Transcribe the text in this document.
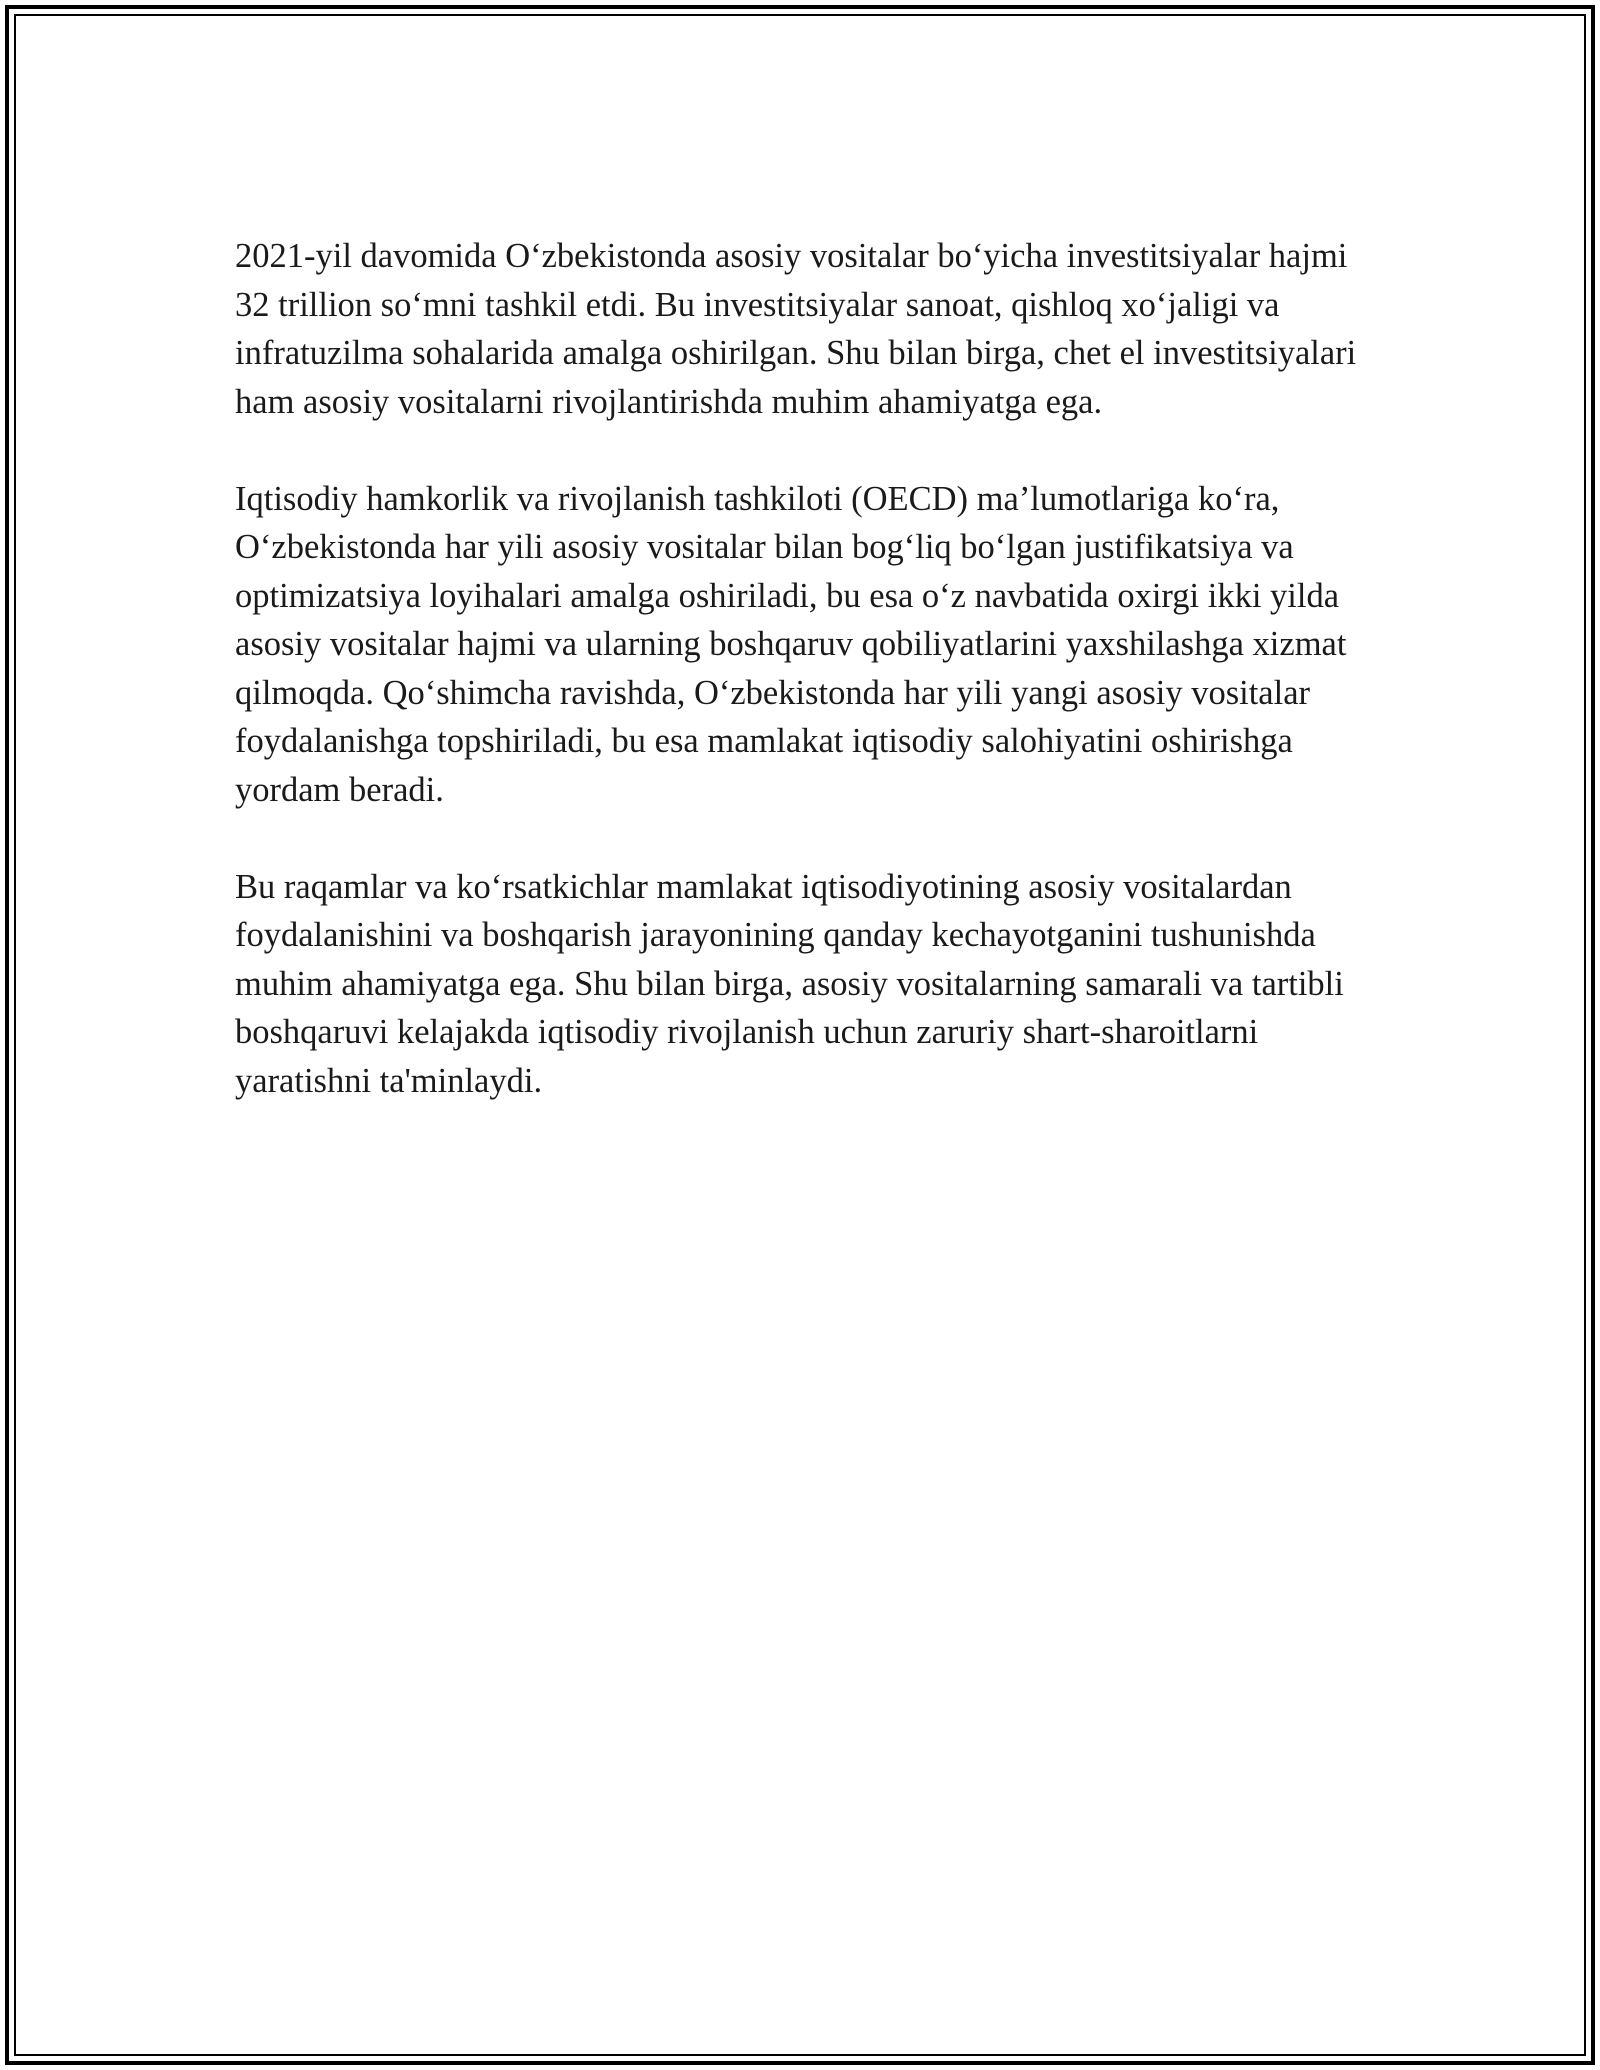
2021-yil davomida O‘zbekistonda asosiy vositalar bo‘yicha investitsiyalar hajmi 32 trillion so‘mni tashkil etdi. Bu investitsiyalar sanoat, qishloq xo‘jaligi va infratuzilma sohalarida amalga oshirilgan. Shu bilan birga, chet el investitsiyalari ham asosiy vositalarni rivojlantirishda muhim ahamiyatga ega.

Iqtisodiy hamkorlik va rivojlanish tashkiloti (OECD) ma’lumotlariga ko‘ra, O‘zbekistonda har yili asosiy vositalar bilan bog‘liq bo‘lgan justifikatsiya va optimizatsiya loyihalari amalga oshiriladi, bu esa o‘z navbatida oxirgi ikki yilda asosiy vositalar hajmi va ularning boshqaruv qobiliyatlarini yaxshilashga xizmat qilmoqda. Qo‘shimcha ravishda, O‘zbekistonda har yili yangi asosiy vositalar foydalanishga topshiriladi, bu esa mamlakat iqtisodiy salohiyatini oshirishga yordam beradi.

Bu raqamlar va ko‘rsatkichlar mamlakat iqtisodiyotining asosiy vositalardan foydalanishini va boshqarish jarayonining qanday kechayotganini tushunishda muhim ahamiyatga ega. Shu bilan birga, asosiy vositalarning samarali va tartibli boshqaruvi kelajakda iqtisodiy rivojlanish uchun zaruriy shart-sharoitlarni yaratishni ta'minlaydi.
